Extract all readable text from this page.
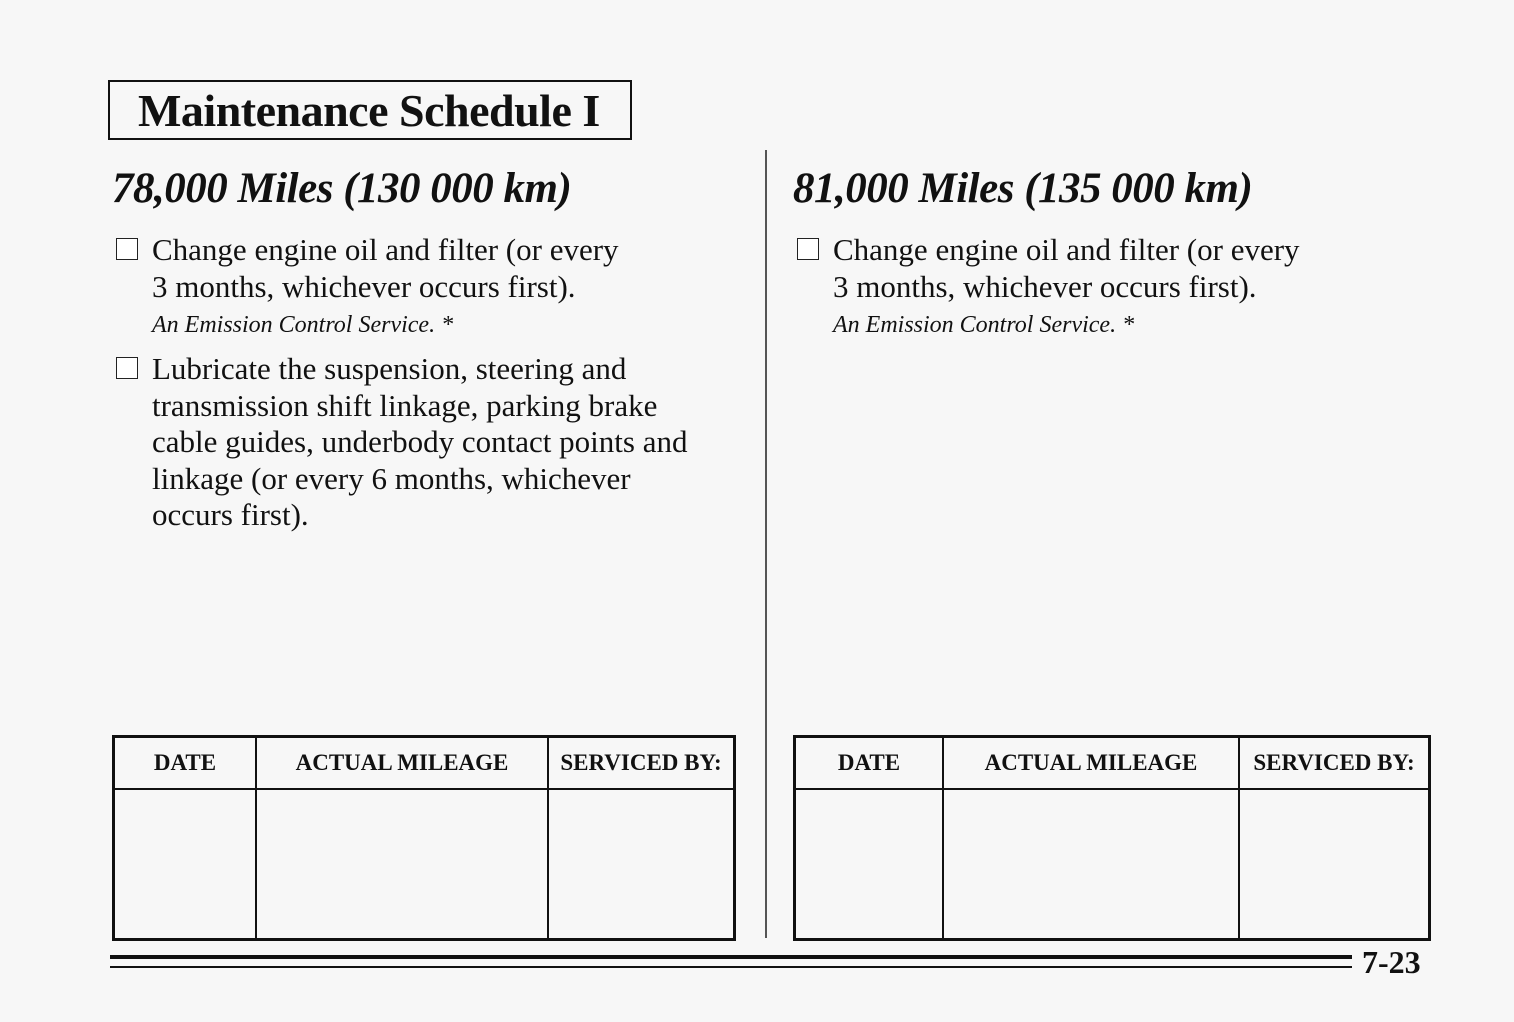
Maintenance Schedule I
78,000 Miles (130 000 km)
Change engine oil and filter (or every
3 months, whichever occurs first).
An Emission Control Service. *
Lubricate the suspension, steering and
transmission shift linkage, parking brake
cable guides, underbody contact points and
linkage (or every 6 months, whichever
occurs first).
DATE	ACTUAL MILEAGE	SERVICED BY:

81,000 Miles (135 000 km)
Change engine oil and filter (or every
3 months, whichever occurs first).
An Emission Control Service. *
DATE	ACTUAL MILEAGE	SERVICED BY:

7-23
